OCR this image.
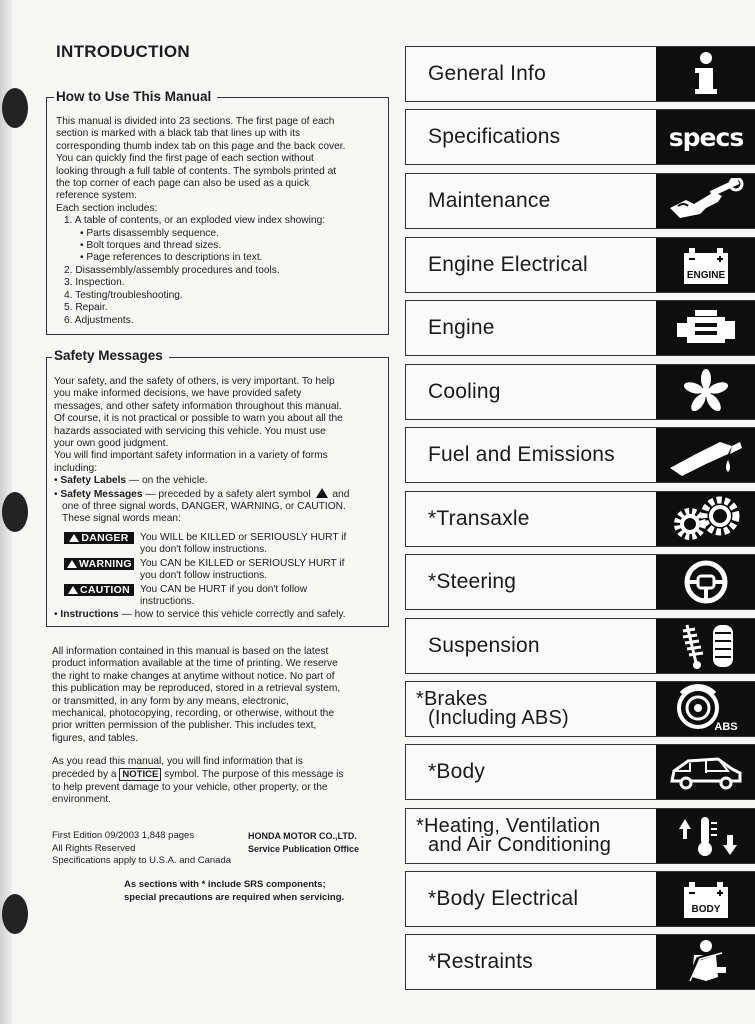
INTRODUCTION
How to Use This Manual
This manual is divided into 23 sections. The first page of each
section is marked with a black tab that lines up with its
corresponding thumb index tab on this page and the back cover.
You can quickly find the first page of each section without
looking through a full table of contents. The symbols printed at
the top corner of each page can also be used as a quick
reference system.
Each section includes:
1. A table of contents, or an exploded view index showing:
• Parts disassembly sequence.
• Bolt torques and thread sizes.
• Page references to descriptions in text.
2. Disassembly/assembly procedures and tools.
3. Inspection.
4. Testing/troubleshooting.
5. Repair.
6. Adjustments.
Safety Messages
Your safety, and the safety of others, is very important. To help
you make informed decisions, we have provided safety
messages, and other safety information throughout this manual.
Of course, it is not practical or possible to warn you about all the
hazards associated with servicing this vehicle. You must use
your own good judgment.
You will find important safety information in a variety of forms
including:
• Safety Labels — on the vehicle.
• Safety Messages — preceded by a safety alert symbol  and
one of three signal words, DANGER, WARNING, or CAUTION.
These signal words mean:
DANGER	You WILL be KILLED or SERIOUSLY HURT if you don't follow instructions.
WARNING You CAN be KILLED or SERIOUSLY HURT if you don't follow instructions.
CAUTION You CAN be HURT if you don't follow instructions.
• Instructions — how to service this vehicle correctly and safely.
All information contained in this manual is based on the latest
product information available at the time of printing. We reserve
the right to make changes at anytime without notice. No part of
this publication may be reproduced, stored in a retrieval system,
or transmitted, in any form by any means, electronic,
mechanical, photocopying, recording, or otherwise, without the
prior written permission of the publisher. This includes text,
figures, and tables.
As you read this manual, you will find information that is
preceded by a NOTICE symbol. The purpose of this message is
to help prevent damage to your vehicle, other property, or the
environment.
First Edition 09/2003 1,848 pages
All Rights Reserved
Specifications apply to U.S.A. and Canada
HONDA MOTOR CO.,LTD.
Service Publication Office
As sections with * include SRS components;
special precautions are required when servicing.
General Info
Specifications	specs
Maintenance
Engine Electrical	ENGINE
Engine
Cooling
Fuel and Emissions
*Transaxle
*Steering
Suspension
*Brakes
(Including ABS)	ABS
*Body
*Heating, Ventilation
and Air Conditioning
*Body Electrical	BODY
*Restraints
